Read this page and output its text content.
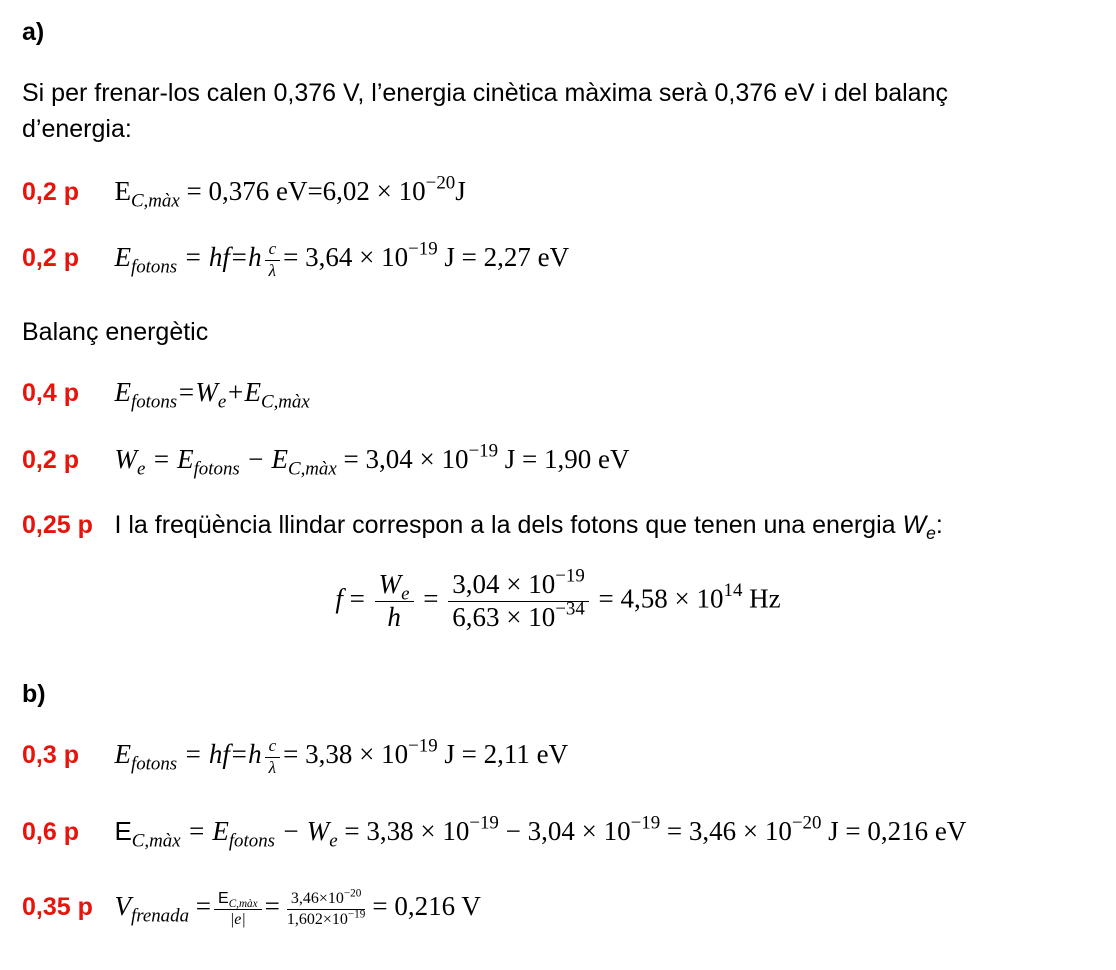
a)
Si per frenar-los calen 0,376 V, l’energia cinètica màxima serà 0,376 eV i del balanç
d’energia:
0,2 p $E_{C,màx} = 0,376$ $eV=6,02 \times 10^{-20}J$
0,2 p $E_{fotons} = hf=h \frac{c}{\lambda} = 3,64 \times 10^{-19}$ J = 2,27 eV
Balanç energètic
0,4 p $E_{fotons}=W_e+E_{C,màx}$
0,2 p $W_e = E_{fotons} - E_{C,màx} = 3,04 \times 10^{-19}$ J = 1,90 eV
0,25 p I la freqüència llindar correspon a la dels fotons que tenen una energia $W_e$:
$f = \frac{W_e}{h} = \frac{3,04 \times 10^{-19}}{6,63 \times 10^{-34}} = 4,58 \times 10^{14}$ Hz
b)
0,3 p $E_{fotons} = hf=h \frac{c}{\lambda} = 3,38 \times 10^{-19}$ J = 2,11 eV
0,6 p $E_{C,màx} = E_{fotons} - W_e = 3,38 \times 10^{-19} - 3,04 \times 10^{-19} = 3,46 \times 10^{-20}$ J = 0,216 eV
0,35 p $V_{frenada} = \frac{E_{C,màx}}{|e|} = \frac{3,46\times 10^{-20}}{1,602\times 10^{-19}} = 0,216$ V
